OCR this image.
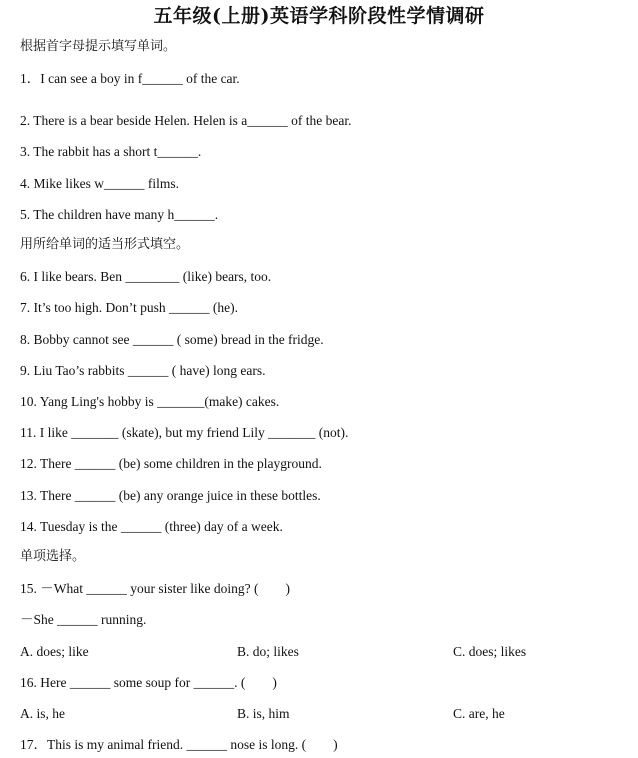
五年级(上册)英语学科阶段性学情调研
根据首字母提示填写单词。
1．I can see a boy in f______ of the car.
2. There is a bear beside Helen. Helen is a______ of the bear.
3. The rabbit has a short t______.
4. Mike likes w______ films.
5. The children have many h______.
用所给单词的适当形式填空。
6. I like bears. Ben ________ (like) bears, too.
7. It’s too high. Don’t push ______ (he).
8. Bobby cannot see ______ ( some) bread in the fridge.
9. Liu Tao’s rabbits ______ ( have) long ears.
10. Yang Ling's hobby is _______(make) cakes.
11. I like _______ (skate), but my friend Lily _______ (not).
12. There ______ (be) some children in the playground.
13. There ______ (be) any orange juice in these bottles.
14. Tuesday is the ______ (three) day of a week.
单项选择。
15. －What ______ your sister like doing? (　　)
－She ______ running.
A. does; like	B. do; likes	C. does; likes
16. Here ______ some soup for ______. (　　)
A. is, he	B. is, him	C. are, he
17．This is my animal friend. ______ nose is long. (　　)
